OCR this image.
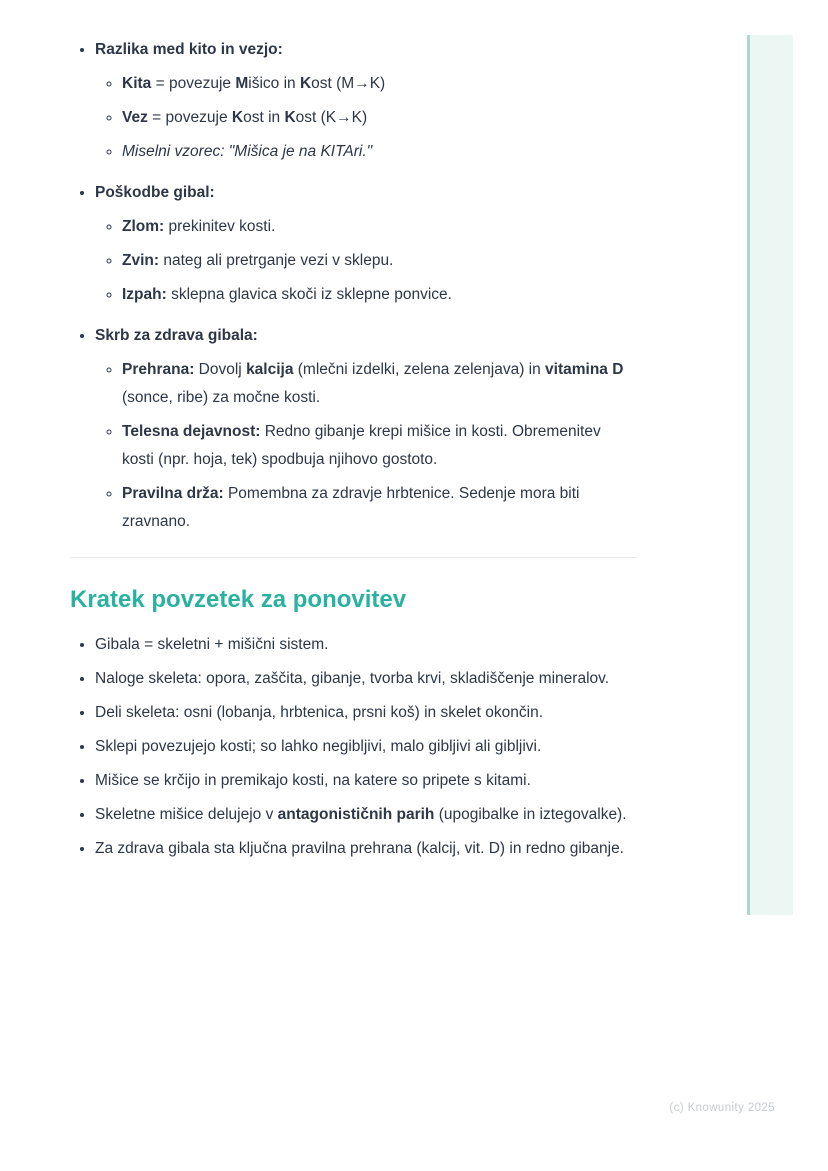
• Razlika med kito in vezjo:
◦ Kita = povezuje Mišico in Kost (M→K)
◦ Vez = povezuje Kost in Kost (K→K)
◦ Miselni vzorec: "Mišica je na KITAri."
• Poškodbe gibal:
◦ Zlom: prekinitev kosti.
◦ Zvin: nateg ali pretrganje vezi v sklepu.
◦ Izpah: sklepna glavica skoči iz sklepne ponvice.
• Skrb za zdrava gibala:
◦ Prehrana: Dovolj kalcija (mlečni izdelki, zelena zelenjava) in vitamina D (sonce, ribe) za močne kosti.
◦ Telesna dejavnost: Redno gibanje krepi mišice in kosti. Obremenitev kosti (npr. hoja, tek) spodbuja njihovo gostoto.
◦ Pravilna drža: Pomembna za zdravje hrbtenice. Sedenje mora biti zravnano.
Kratek povzetek za ponovitev
• Gibala = skeletni + mišični sistem.
• Naloge skeleta: opora, zaščita, gibanje, tvorba krvi, skladiščenje mineralov.
• Deli skeleta: osni (lobanja, hrbtenica, prsni koš) in skelet okončin.
• Sklepi povezujejo kosti; so lahko negibljivi, malo gibljivi ali gibljivi.
• Mišice se krčijo in premikajo kosti, na katere so pripete s kitami.
• Skeletne mišice delujejo v antagonističnih parih (upogibalke in iztegovalke).
• Za zdrava gibala sta ključna pravilna prehrana (kalcij, vit. D) in redno gibanje.
(c) Knowunity 2025
